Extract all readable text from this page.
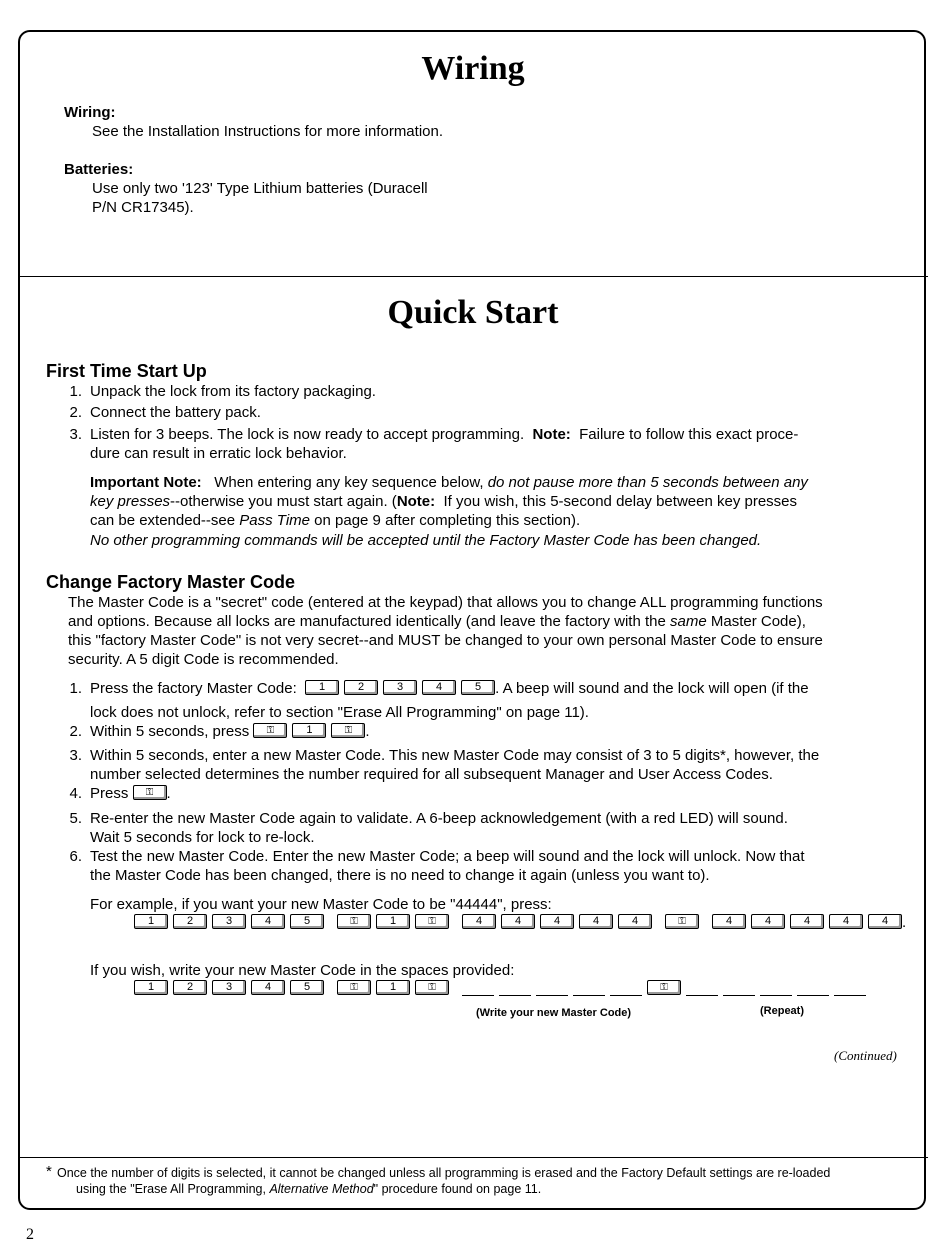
Wiring
Wiring:
See the Installation Instructions for more information.
Batteries:
Use only two '123' Type Lithium batteries (Duracell
P/N CR17345).
Quick Start
First Time Start Up
1. Unpack the lock from its factory packaging.
2. Connect the battery pack.
3. Listen for 3 beeps. The lock is now ready to accept programming. Note: Failure to follow this exact proce-
dure can result in erratic lock behavior.
Important Note: When entering any key sequence below, do not pause more than 5 seconds between any
key presses--otherwise you must start again. (Note: If you wish, this 5-second delay between key presses
can be extended--see Pass Time on page 9 after completing this section).
No other programming commands will be accepted until the Factory Master Code has been changed.
Change Factory Master Code
The Master Code is a "secret" code (entered at the keypad) that allows you to change ALL programming functions
and options. Because all locks are manufactured identically (and leave the factory with the same Master Code),
this "factory Master Code" is not very secret--and MUST be changed to your own personal Master Code to ensure
security. A 5 digit Code is recommended.
1. Press the factory Master Code: 1	2	3	4	5 . A beep will sound and the lock will open (if the
lock does not unlock, refer to section "Erase All Programming" on page 11).
2. Within 5 seconds, press ⚿	1	⚿ .
3. Within 5 seconds, enter a new Master Code. This new Master Code may consist of 3 to 5 digits*, however, the
number selected determines the number required for all subsequent Manager and User Access Codes.
4. Press ⚿ .
5. Re-enter the new Master Code again to validate. A 6-beep acknowledgement (with a red LED) will sound.
Wait 5 seconds for lock to re-lock.
6. Test the new Master Code. Enter the new Master Code; a beep will sound and the lock will unlock. Now that
the Master Code has been changed, there is no need to change it again (unless you want to).
For example, if you want your new Master Code to be "44444", press:
1	2	3	4	5	⚿	1	⚿	4	4	4	4	4	⚿	4	4	4	4	4 .
If you wish, write your new Master Code in the spaces provided:
1	2	3	4	5	⚿	1	⚿	⚿
(Write your new Master Code)	(Repeat)
(Continued)
* Once the number of digits is selected, it cannot be changed unless all programming is erased and the Factory Default settings are re-loaded
using the "Erase All Programming, Alternative Method" procedure found on page 11.
2
